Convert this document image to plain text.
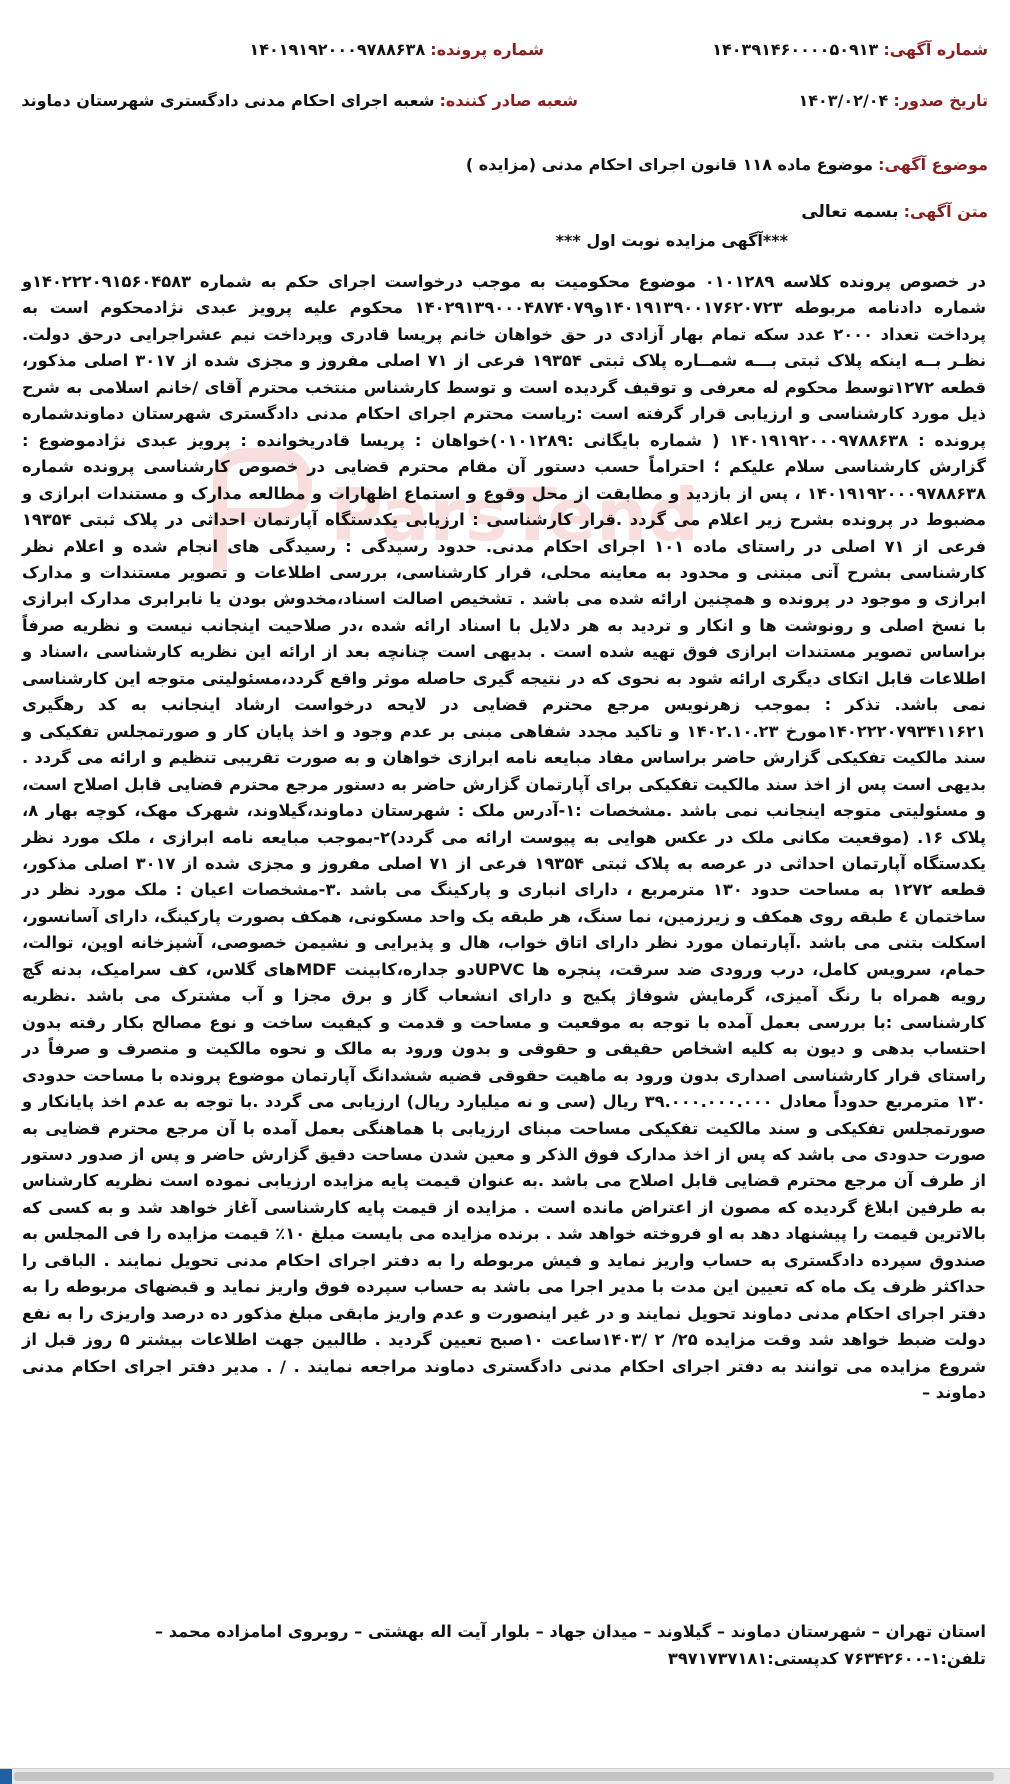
شماره آگهی: ۱۴۰۳۹۱۴۶۰۰۰۰۵۰۹۱۳
شماره پرونده: ۱۴۰۱۹۱۹۲۰۰۰۹۷۸۸۶۳۸
تاریخ صدور: ۱۴۰۳/۰۲/۰۴
شعبه صادر کننده: شعبه اجرای احکام مدنی دادگستری شهرستان دماوند
موضوع آگهی: موضوع ماده ۱۱۸ قانون اجرای احکام مدنی (مزایده )
متن آگهی: بسمه تعالی
***آگهی مزایده نوبت اول ***
ParsTend
در خصوص پرونده کلاسه ۰۱۰۱۲۸۹ موضوع محکومیت به موجب درخواست اجرای حکم به شماره ۱۴۰۲۲۲۰۹۱۵۶۰۴۵۸۳و شماره دادنامه مربوطه ۱۴۰۱۹۱۳۹۰۰۱۷۶۲۰۷۲۳و۱۴۰۲۹۱۳۹۰۰۰۴۸۷۴۰۷۹ محکوم علیه پرویز عبدی نژادمحکوم است به پرداخت تعداد ۲۰۰۰ عدد سکه تمام بهار آزادی در حق خواهان خانم پریسا قادری وپرداخت نیم عشراجرایی درحق دولت. نظـر بــه اینکه پلاک ثبتی بـــه شمــاره پلاک ثبتی ۱۹۳۵۴ فرعی از ۷۱ اصلی مفروز و مجزی شده از ۳۰۱۷ اصلی مذکور، قطعه ۱۲۷۲توسط محکوم له معرفی و توقیف گردیده است و توسط کارشناس منتخب محترم آقای /خانم اسلامی به شرح ذیل مورد کارشناسی و ارزیابی قرار گرفته است :ریاست محترم اجرای احکام مدنی دادگستری شهرستان دماوندشماره پرونده : ۱۴۰۱۹۱۹۲۰۰۰۹۷۸۸۶۳۸ ( شماره بایگانی :۰۱۰۱۲۸۹)خواهان : پریسا قادریخوانده : پرویز عبدی نژادموضوع : گزارش کارشناسی سلام علیکم ؛ احتراماً حسب دستور آن مقام محترم قضایی در خصوص کارشناسی پرونده شماره ۱۴۰۱۹۱۹۲۰۰۰۹۷۸۸۶۳۸ ، پس از بازدید و مطابقت از محل وقوع و استماع اظهارات و مطالعه مدارک و مستندات ابرازی و مضبوط در پرونده بشرح زیر اعلام می گردد .قرار کارشناسی : ارزیابی یکدستگاه آپارتمان احداثی در پلاک ثبتی ۱۹۳۵۴ فرعی از ۷۱ اصلی در راستای ماده ۱۰۱ اجرای احکام مدنی. حدود رسیدگی : رسیدگی های انجام شده و اعلام نظر کارشناسی بشرح آتی مبتنی و محدود به معاینه محلی، قرار کارشناسی، بررسی اطلاعات و تصویر مستندات و مدارک ابرازی و موجود در پرونده و همچنین ارائه شده می باشد . تشخیص اصالت اسناد،مخدوش بودن یا نابرابری مدارک ابرازی با نسخ اصلی و رونوشت ها و انکار و تردید به هر دلایل با اسناد ارائه شده ،در صلاحیت اینجانب نیست و نظریه صرفاً براساس تصویر مستندات ابرازی فوق تهیه شده است . بدیهی است چنانچه بعد از ارائه این نظریه کارشناسی ،اسناد و اطلاعات قابل اتکای دیگری ارائه شود به نحوی که در نتیجه گیری حاصله موثر واقع گردد،مسئولیتی متوجه این کارشناسی نمی باشد. تذکر : بموجب زهرنویس مرجع محترم قضایی در لایحه درخواست ارشاد اینجانب به کد رهگیری ۱۴۰۲۲۲۰۷۹۳۴۱۱۶۲۱مورخ ۱۴۰۲.۱۰.۲۳ و تاکید مجدد شفاهی مبنی بر عدم وجود و اخذ پایان کار و صورتمجلس تفکیکی و سند مالکیت تفکیکی گزارش حاضر براساس مفاد مبایعه نامه ابرازی خواهان و به صورت تقریبی تنظیم و ارائه می گردد . بدیهی است پس از اخذ سند مالکیت تفکیکی برای آپارتمان گزارش حاضر به دستور مرجع محترم قضایی قابل اصلاح است، و مسئولیتی متوجه اینجانب نمی باشد .مشخصات :۱-آدرس ملک : شهرستان دماوند،گیلاوند، شهرک مهک، کوچه بهار ۸، پلاک ۱۶. (موقعیت مکانی ملک در عکس هوایی به پیوست ارائه می گردد)۲-بموجب مبایعه نامه ابرازی ، ملک مورد نظر یکدستگاه آپارتمان احداثی در عرصه به پلاک ثبتی ۱۹۳۵۴ فرعی از ۷۱ اصلی مفروز و مجزی شده از ۳۰۱۷ اصلی مذکور، قطعه ۱۲۷۲ به مساحت حدود ۱۳۰ مترمربع ، دارای انباری و پارکینگ می باشد .۳-مشخصات اعیان : ملک مورد نظر در ساختمان ٤ طبقه روی همکف و زیرزمین، نما سنگ، هر طبقه یک واحد مسکونی، همکف بصورت پارکینگ، دارای آسانسور، اسکلت بتنی می باشد .آپارتمان مورد نظر دارای اتاق خواب، هال و پذیرایی و نشیمن خصوصی، آشپزخانه اوپن، توالت، حمام، سرویس کامل، درب ورودی ضد سرقت، پنجره ها UPVCدو جداره،کابینت MDFهای گلاس، کف سرامیک، بدنه گچ رویه همراه با رنگ آمیزی، گرمایش شوفاژ پکیج و دارای انشعاب گاز و برق مجزا و آب مشترک می باشد .نظریه کارشناسی :با بررسی بعمل آمده با توجه به موقعیت و مساحت و قدمت و کیفیت ساخت و نوع مصالح بکار رفته بدون احتساب بدهی و دیون به کلیه اشخاص حقیقی و حقوقی و بدون ورود به مالک و نحوه مالکیت و متصرف و صرفاً در راستای قرار کارشناسی اصداری بدون ورود به ماهیت حقوقی قضیه ششدانگ آپارتمان موضوع پرونده با مساحت حدودی ۱۳۰ مترمربع حدوداً معادل ۳۹.۰۰۰.۰۰۰.۰۰۰ ریال (سی و نه میلیارد ریال) ارزیابی می گردد .با توجه به عدم اخذ پایانکار و صورتمجلس تفکیکی و سند مالکیت تفکیکی مساحت مبنای ارزیابی با هماهنگی بعمل آمده با آن مرجع محترم قضایی به صورت حدودی می باشد که پس از اخذ مدارک فوق الذکر و معین شدن مساحت دقیق گزارش حاضر و پس از صدور دستور از طرف آن مرجع محترم قضایی قابل اصلاح می باشد .به عنوان قیمت پایه مزایده ارزیابی نموده است نظریه کارشناس به طرفین ابلاغ گردیده که مصون از اعتراض مانده است . مزایده از قیمت پایه کارشناسی آغاز خواهد شد و به کسی که بالاترین قیمت را پیشنهاد دهد به او فروخته خواهد شد . برنده مزایده می بایست مبلغ ۱۰٪ قیمت مزایده را فی المجلس به صندوق سپرده دادگستری به حساب واریز نماید و فیش مربوطه را به دفتر اجرای احکام مدنی تحویل نمایند . الباقی را حداکثر ظرف یک ماه که تعیین این مدت با مدیر اجرا می باشد به حساب سپرده فوق واریز نماید و قبضهای مربوطه را به دفتر اجرای احکام مدنی دماوند تحویل نمایند و در غیر اینصورت و عدم واریز مابقی مبلغ مذکور ده درصد واریزی را به نفع دولت ضبط خواهد شد وقت مزایده ۲۵/ ۲ /۱۴۰۳ساعت ۱۰صبح تعیین گردید . طالبین جهت اطلاعات بیشتر ۵ روز قبل از شروع مزایده می توانند به دفتر اجرای احکام مدنی دادگستری دماوند مراجعه نمایند . / . مدیر دفتر اجرای احکام مدنی دماوند –
استان تهران – شهرستان دماوند – گیلاوند – میدان جهاد – بلوار آیت اله بهشتی – روبروی امامزاده محمد – تلفن:۱-۷۶۳۴۲۶۰۰ کدپستی:۳۹۷۱۷۳۷۱۸۱
